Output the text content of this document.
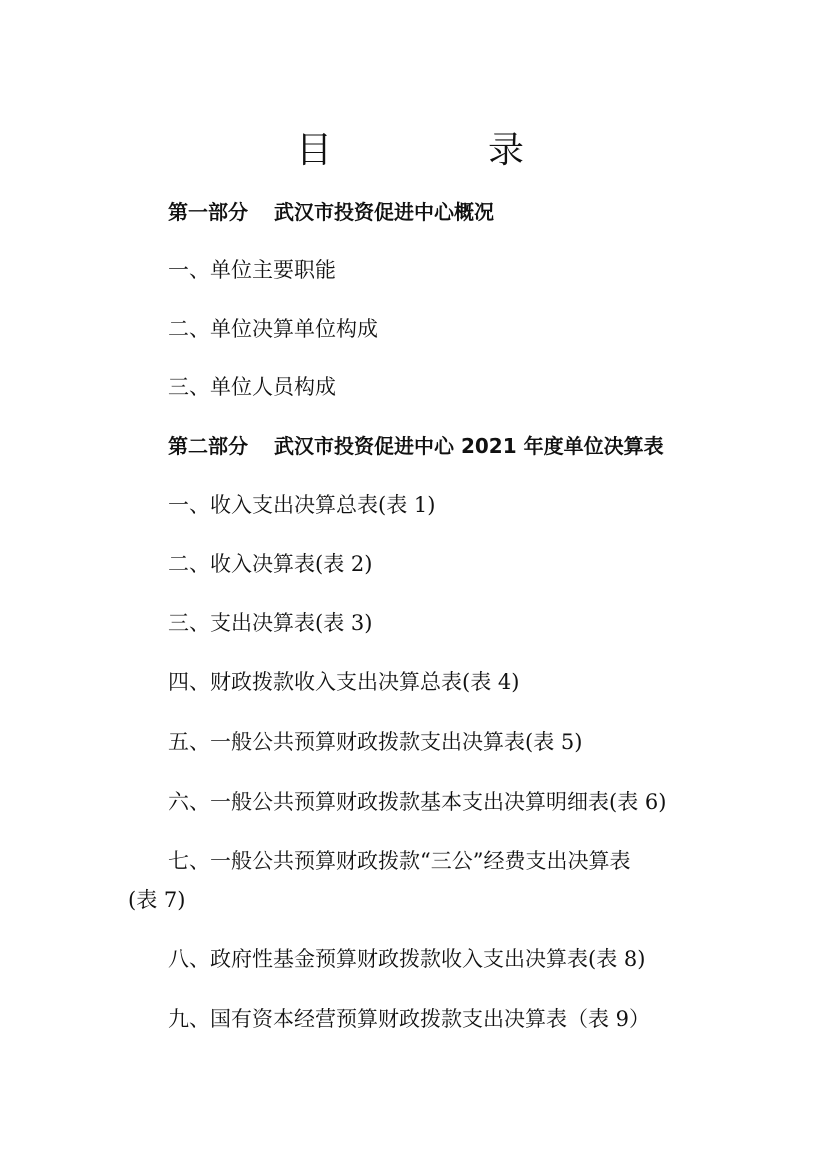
目　录
第一部分 武汉市投资促进中心概况
一、单位主要职能
二、单位决算单位构成
三、单位人员构成
第二部分 武汉市投资促进中心 2021 年度单位决算表
一、收入支出决算总表(表 1)
二、收入决算表(表 2)
三、支出决算表(表 3)
四、财政拨款收入支出决算总表(表 4)
五、一般公共预算财政拨款支出决算表(表 5)
六、一般公共预算财政拨款基本支出决算明细表(表 6)
七、一般公共预算财政拨款“三公”经费支出决算表
(表 7)
八、政府性基金预算财政拨款收入支出决算表(表 8)
九、国有资本经营预算财政拨款支出决算表（表 9）
